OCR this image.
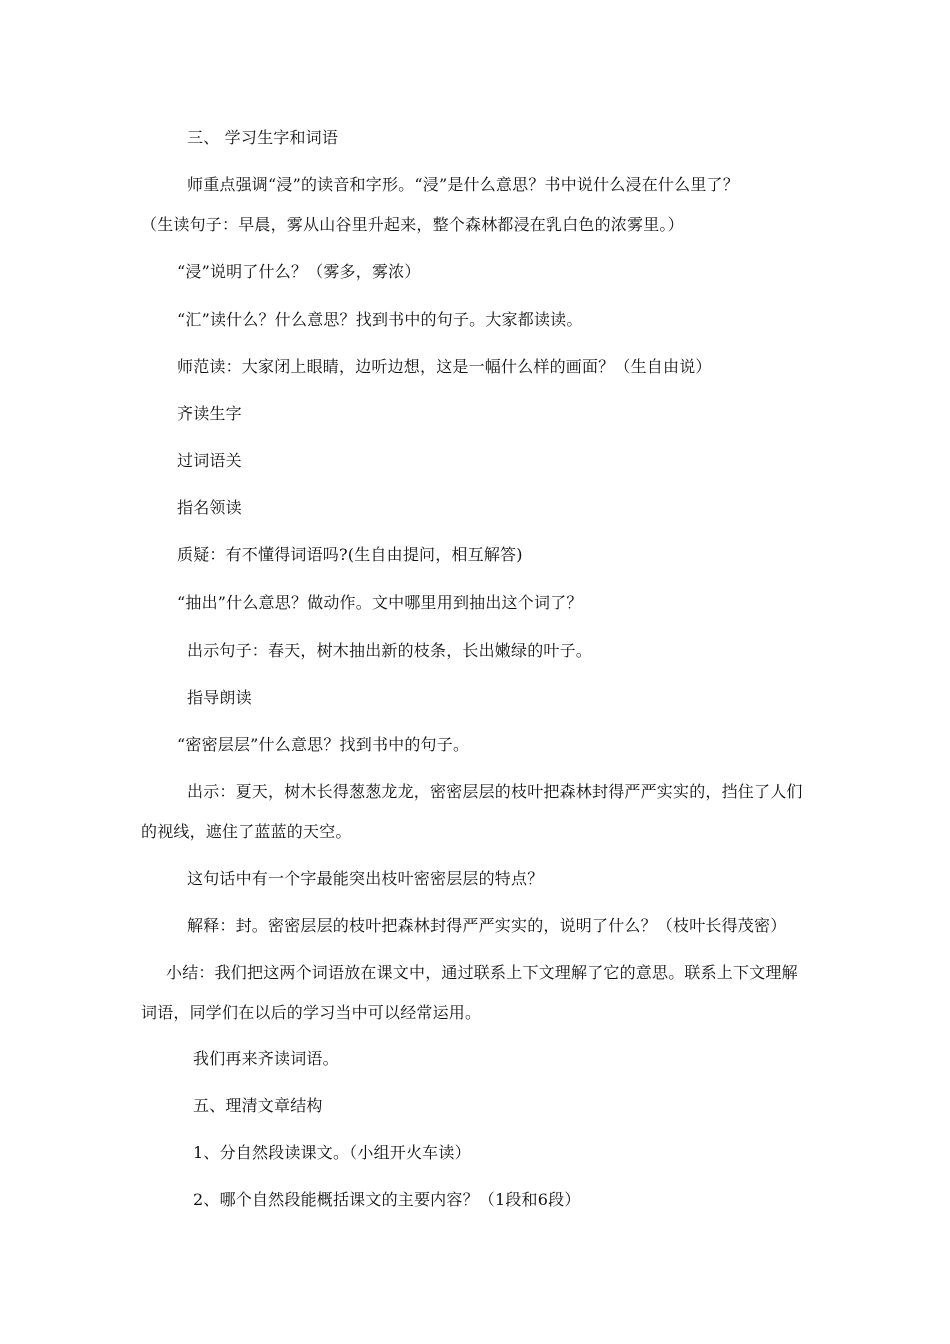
三、 学习生字和词语
师重点强调“浸”的读音和字形。“浸”是什么意思？书中说什么浸在什么里了？
（生读句子：早晨，雾从山谷里升起来，整个森林都浸在乳白色的浓雾里。）
“浸”说明了什么？（雾多，雾浓）
“汇”读什么？什么意思？找到书中的句子。大家都读读。
师范读：大家闭上眼睛，边听边想，这是一幅什么样的画面？（生自由说）
齐读生字
过词语关
指名领读
质疑：有不懂得词语吗?(生自由提问，相互解答)
“抽出”什么意思？做动作。文中哪里用到抽出这个词了？
出示句子：春天，树木抽出新的枝条，长出嫩绿的叶子。
指导朗读
“密密层层”什么意思？找到书中的句子。
出示：夏天，树木长得葱葱龙龙，密密层层的枝叶把森林封得严严实实的，挡住了人们
的视线，遮住了蓝蓝的天空。
这句话中有一个字最能突出枝叶密密层层的特点？
解释：封。密密层层的枝叶把森林封得严严实实的，说明了什么？（枝叶长得茂密）
小结：我们把这两个词语放在课文中，通过联系上下文理解了它的意思。联系上下文理解
词语，同学们在以后的学习当中可以经常运用。
我们再来齐读词语。
五、理清文章结构
1、分自然段读课文。（小组开火车读）
2、哪个自然段能概括课文的主要内容？（1段和6段）
